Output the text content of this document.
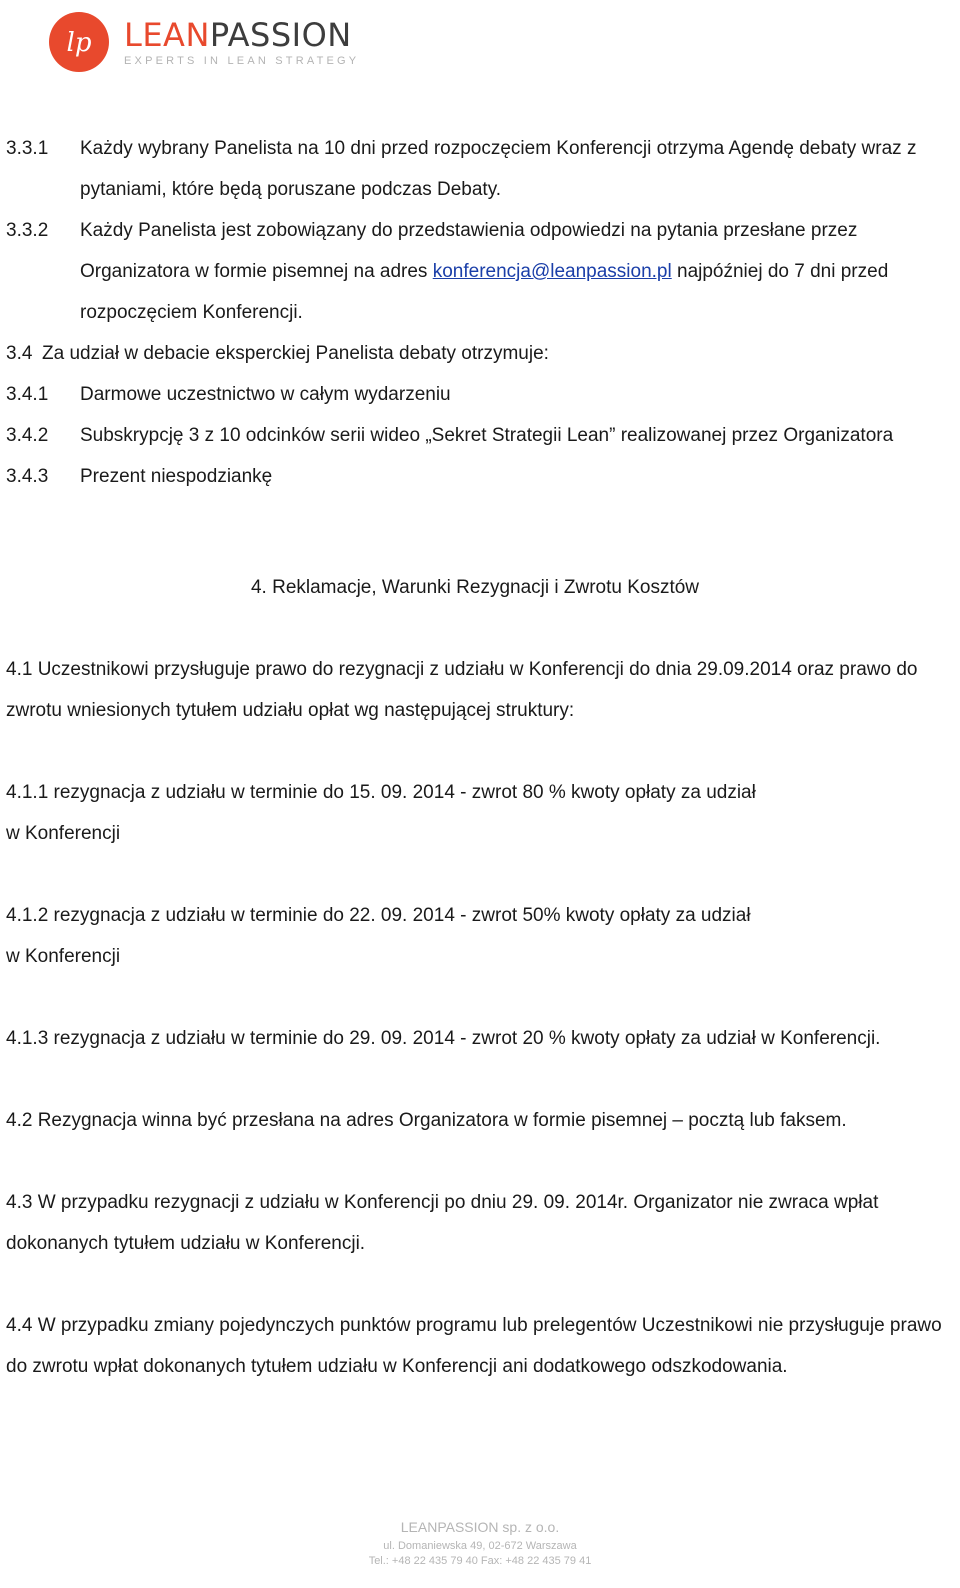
lp LEANPASSION
EXPERTS IN LEAN STRATEGY
3.3.1 Każdy wybrany Panelista na 10 dni przed rozpoczęciem Konferencji otrzyma Agendę debaty wraz z pytaniami, które będą poruszane podczas Debaty.
3.3.2 Każdy Panelista jest zobowiązany do przedstawienia odpowiedzi na pytania przesłane przez Organizatora w formie pisemnej na adres konferencja@leanpassion.pl najpóźniej do 7 dni przed rozpoczęciem Konferencji.
3.4 Za udział w debacie eksperckiej Panelista debaty otrzymuje:
3.4.1 Darmowe uczestnictwo w całym wydarzeniu
3.4.2 Subskrypcję 3 z 10 odcinków serii wideo „Sekret Strategii Lean” realizowanej przez Organizatora
3.4.3 Prezent niespodziankę
4. Reklamacje, Warunki Rezygnacji i Zwrotu Kosztów
4.1 Uczestnikowi przysługuje prawo do rezygnacji z udziału w Konferencji do dnia 29.09.2014 oraz prawo do zwrotu wniesionych tytułem udziału opłat wg następującej struktury:
4.1.1 rezygnacja z udziału w terminie do 15. 09. 2014 - zwrot 80 % kwoty opłaty za udział
w Konferencji
4.1.2 rezygnacja z udziału w terminie do 22. 09. 2014 - zwrot 50% kwoty opłaty za udział
w Konferencji
4.1.3 rezygnacja z udziału w terminie do 29. 09. 2014 - zwrot 20 % kwoty opłaty za udział w Konferencji.
4.2 Rezygnacja winna być przesłana na adres Organizatora w formie pisemnej – pocztą lub faksem.
4.3 W przypadku rezygnacji z udziału w Konferencji po dniu 29. 09. 2014r. Organizator nie zwraca wpłat dokonanych tytułem udziału w Konferencji.
4.4 W przypadku zmiany pojedynczych punktów programu lub prelegentów Uczestnikowi nie przysługuje prawo do zwrotu wpłat dokonanych tytułem udziału w Konferencji ani dodatkowego odszkodowania.
LEANPASSION sp. z o.o.
ul. Domaniewska 49, 02-672 Warszawa
Tel.: +48 22 435 79 40 Fax: +48 22 435 79 41
